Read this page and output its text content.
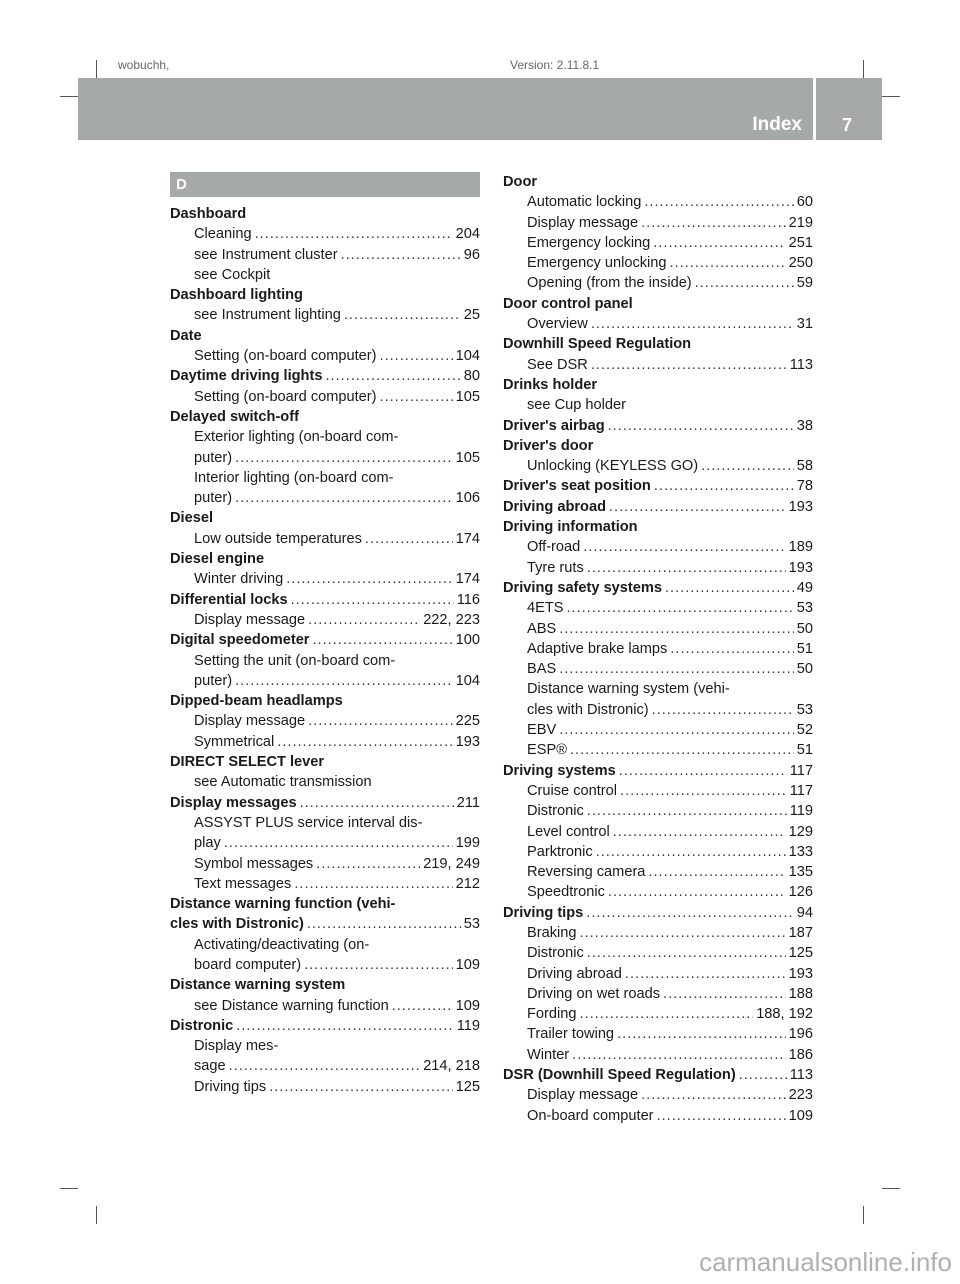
wobuchh,	Version: 2.11.8.1
Index 7
D
Dashboard
Cleaning .....	204
see Instrument cluster .....	96
see Cockpit
Dashboard lighting
see Instrument lighting .....	25
Date
Setting (on-board computer) .....	104
Daytime driving lights .....	80
Setting (on-board computer) .....	105
Delayed switch-off
Exterior lighting (on-board com-
puter) .....	105
Interior lighting (on-board com-
puter) .....	106
Diesel
Low outside temperatures .....	174
Diesel engine
Winter driving .....	174
Differential locks .....	116
Display message .....	222, 223
Digital speedometer .....	100
Setting the unit (on-board com-
puter) .....	104
Dipped-beam headlamps
Display message .....	225
Symmetrical .....	193
DIRECT SELECT lever
see Automatic transmission
Display messages .....	211
ASSYST PLUS service interval dis-
play .....	199
Symbol messages .....	219, 249
Text messages .....	212
Distance warning function (vehi-
cles with Distronic) .....	53
Activating/deactivating (on-
board computer) .....	109
Distance warning system
see Distance warning function .....	109
Distronic .....	119
Display mes-
sage .....	214, 218
Driving tips .....	125
Door
Automatic locking .....	60
Display message .....	219
Emergency locking .....	251
Emergency unlocking .....	250
Opening (from the inside) .....	59
Door control panel
Overview .....	31
Downhill Speed Regulation
See DSR .....	113
Drinks holder
see Cup holder
Driver's airbag .....	38
Driver's door
Unlocking (KEYLESS GO) .....	58
Driver's seat position .....	78
Driving abroad .....	193
Driving information
Off-road .....	189
Tyre ruts .....	193
Driving safety systems .....	49
4ETS .....	53
ABS .....	50
Adaptive brake lamps .....	51
BAS .....	50
Distance warning system (vehi-
cles with Distronic) .....	53
EBV .....	52
ESP® .....	51
Driving systems .....	117
Cruise control .....	117
Distronic .....	119
Level control .....	129
Parktronic .....	133
Reversing camera .....	135
Speedtronic .....	126
Driving tips .....	94
Braking .....	187
Distronic .....	125
Driving abroad .....	193
Driving on wet roads .....	188
Fording .....	188, 192
Trailer towing .....	196
Winter .....	186
DSR (Downhill Speed Regulation) .....	113
Display message .....	223
On-board computer .....	109
carmanualsonline.info
